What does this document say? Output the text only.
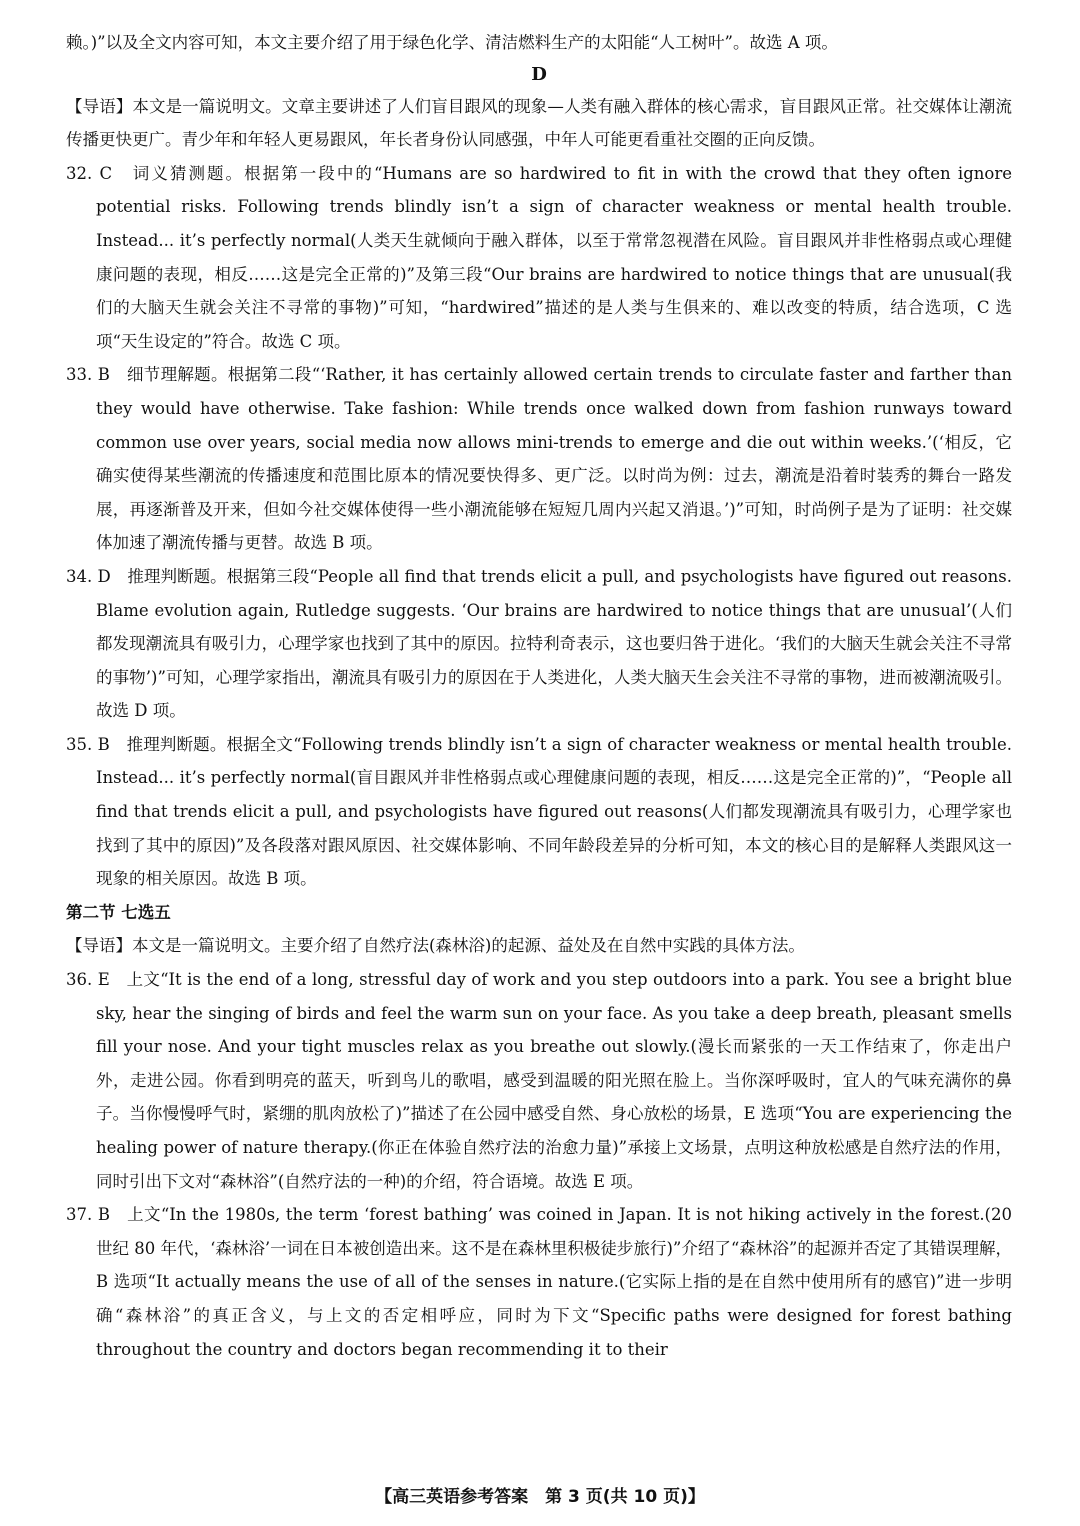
赖。)”以及全文内容可知，本文主要介绍了用于绿色化学、清洁燃料生产的太阳能“人工树叶”。故选 A 项。

D

【导语】本文是一篇说明文。文章主要讲述了人们盲目跟风的现象—人类有融入群体的核心需求，盲目跟风正常。社交媒体让潮流传播更快更广。青少年和年轻人更易跟风，年长者身份认同感强，中年人可能更看重社交圈的正向反馈。

32. C　 词义猜测题。根据第一段中的“Humans are so hardwired to fit in with the crowd that they often ignore potential risks. Following trends blindly isn’t a sign of character weakness or mental health trouble. Instead... it’s perfectly normal(人类天生就倾向于融入群体，以至于常常忽视潜在风险。盲目跟风并非性格弱点或心理健康问题的表现，相反……这是完全正常的)”及第三段“Our brains are hardwired to notice things that are unusual(我们的大脑天生就会关注不寻常的事物)”可知，“hardwired”描述的是人类与生俱来的、难以改变的特质，结合选项，C 选项“天生设定的”符合。故选 C 项。

33. B　 细节理解题。根据第二段“‘Rather, it has certainly allowed certain trends to circulate faster and farther than they would have otherwise. Take fashion: While trends once walked down from fashion runways toward common use over years, social media now allows mini-trends to emerge and die out within weeks.’(‘相反，它确实使得某些潮流的传播速度和范围比原本的情况要快得多、更广泛。以时尚为例：过去，潮流是沿着时装秀的舞台一路发展，再逐渐普及开来，但如今社交媒体使得一些小潮流能够在短短几周内兴起又消退。’)”可知，时尚例子是为了证明：社交媒体加速了潮流传播与更替。故选 B 项。

34. D　 推理判断题。根据第三段“People all find that trends elicit a pull, and psychologists have figured out reasons. Blame evolution again, Rutledge suggests. ‘Our brains are hardwired to notice things that are unusual’(人们都发现潮流具有吸引力，心理学家也找到了其中的原因。拉特利奇表示，这也要归咎于进化。‘我们的大脑天生就会关注不寻常的事物’)”可知，心理学家指出，潮流具有吸引力的原因在于人类进化，人类大脑天生会关注不寻常的事物，进而被潮流吸引。故选 D 项。

35. B　 推理判断题。根据全文“Following trends blindly isn’t a sign of character weakness or mental health trouble. Instead... it’s perfectly normal(盲目跟风并非性格弱点或心理健康问题的表现，相反……这是完全正常的)”，“People all find that trends elicit a pull, and psychologists have figured out reasons(人们都发现潮流具有吸引力，心理学家也找到了其中的原因)”及各段落对跟风原因、社交媒体影响、不同年龄段差异的分析可知，本文的核心目的是解释人类跟风这一现象的相关原因。故选 B 项。

第二节 七选五

【导语】本文是一篇说明文。主要介绍了自然疗法(森林浴)的起源、益处及在自然中实践的具体方法。

36. E　 上文“It is the end of a long, stressful day of work and you step outdoors into a park. You see a bright blue sky, hear the singing of birds and feel the warm sun on your face. As you take a deep breath, pleasant smells fill your nose. And your tight muscles relax as you breathe out slowly.(漫长而紧张的一天工作结束了，你走出户外，走进公园。你看到明亮的蓝天，听到鸟儿的歌唱，感受到温暖的阳光照在脸上。当你深呼吸时，宜人的气味充满你的鼻子。当你慢慢呼气时，紧绷的肌肉放松了)”描述了在公园中感受自然、身心放松的场景，E 选项“You are experiencing the healing power of nature therapy.(你正在体验自然疗法的治愈力量)”承接上文场景，点明这种放松感是自然疗法的作用，同时引出下文对“森林浴”(自然疗法的一种)的介绍，符合语境。故选 E 项。

37. B　 上文“In the 1980s, the term ‘forest bathing’ was coined in Japan. It is not hiking actively in the forest.(20 世纪 80 年代，‘森林浴’一词在日本被创造出来。这不是在森林里积极徒步旅行)”介绍了“森林浴”的起源并否定了其错误理解，B 选项“It actually means the use of all of the senses in nature.(它实际上指的是在自然中使用所有的感官)”进一步明确“森林浴”的真正含义，与上文的否定相呼应，同时为下文“Specific paths were designed for forest bathing throughout the country and doctors began recommending it to their

【高三英语参考答案　第 3 页(共 10 页)】
